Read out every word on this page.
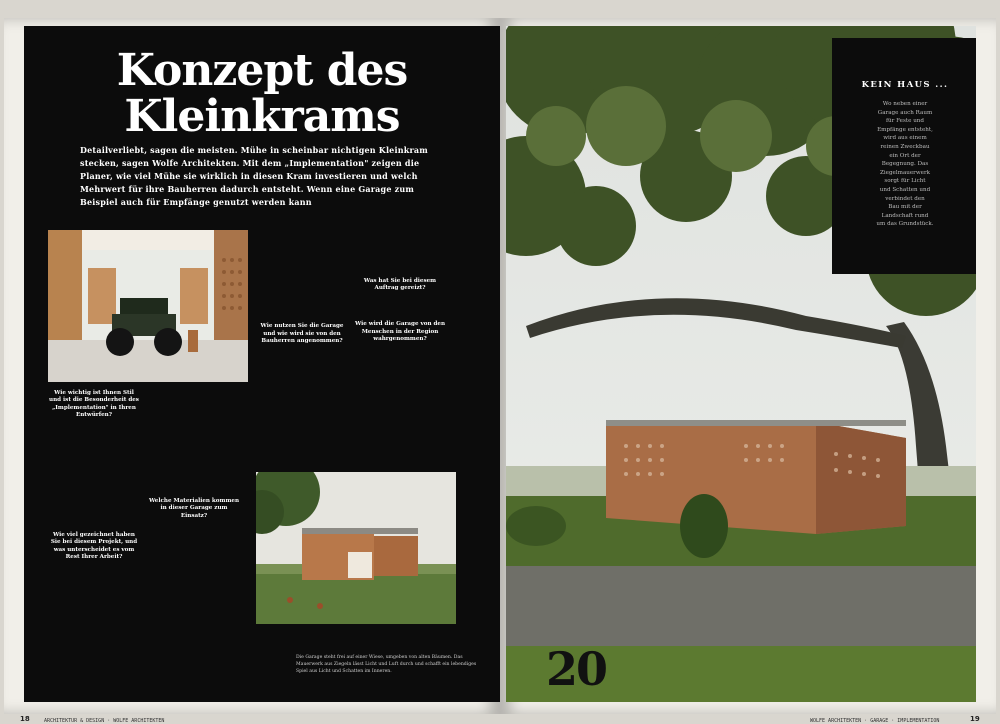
Konzept des
Kleinkrams
Detailverliebt, sagen die meisten. Mühe in scheinbar nichtigen Kleinkram
stecken, sagen Wolfe Architekten. Mit dem „Implementation" zeigen die
Planer, wie viel Mühe sie wirklich in diesen Kram investieren und welch
Mehrwert für ihre Bauherren dadurch entsteht. Wenn eine Garage zum
Beispiel auch für Empfänge genutzt werden kann
Wie wichtig ist Ihnen Stil und ist die Besonderheit des „Implementation" in Ihren Entwürfen?
Wie viel gezeichnet haben Sie bei diesem Projekt, und was unterscheidet es vom Rest Ihrer Arbeit?
Wie nutzen Sie die Garage und wie wird sie von den Bauherren angenommen?
Was hat Sie bei diesem Auftrag gereizt?
Wie wird die Garage von den Menschen in der Region wahrgenommen?
Welche Materialien kommen in dieser Garage zum Einsatz?
Die Garage steht frei auf einer Wiese, umgeben von alten Bäumen. Das Mauerwerk aus Ziegeln lässt Licht und Luft durch und schafft ein lebendiges Spiel aus Licht und Schatten im Inneren.
18	ARCHITEKTUR & DESIGN · WOLFE ARCHITEKTEN
KEIN HAUS ...
Wo neben einer
Garage auch Raum
für Feste und
Empfänge entsteht,
wird aus einem
reinen Zweckbau
ein Ort der
Begegnung. Das
Ziegelmauerwerk
sorgt für Licht
und Schatten und
verbindet den
Bau mit der
Landschaft rund
um das Grundstück.
20
WOLFE ARCHITEKTEN · GARAGE · IMPLEMENTATION	19
